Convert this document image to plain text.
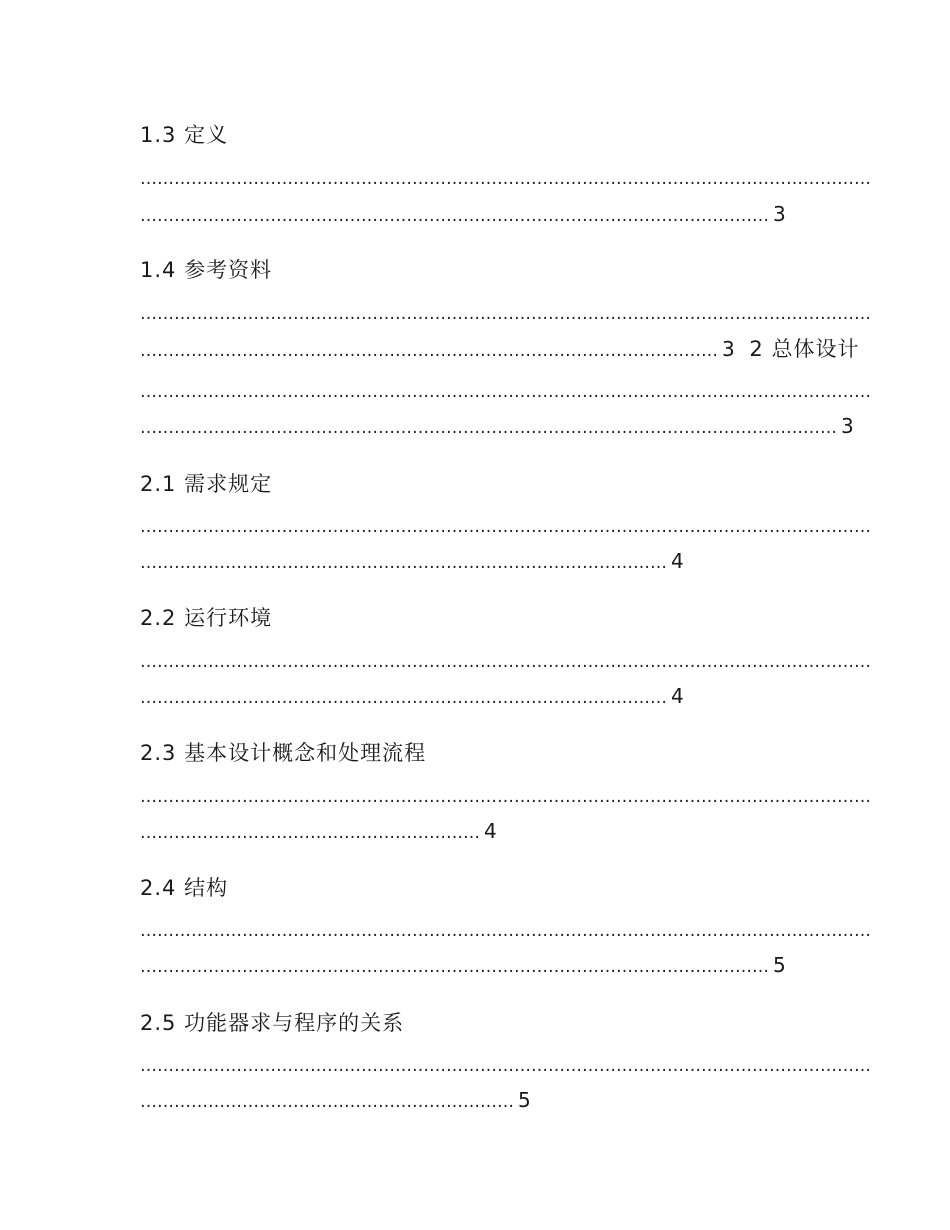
1.3 定义
…………………………………………………………………………………………………………………
………………………………………………………………………………………………… 3
1.4 参考资料
…………………………………………………………………………………………………………………
………………………………………………………………………………………… 3 2 总体设计
…………………………………………………………………………………………………………………
…………………………………………………………………………………………………………… 3
2.1 需求规定
…………………………………………………………………………………………………………………
………………………………………………………………………………… 4
2.2 运行环境
…………………………………………………………………………………………………………………
………………………………………………………………………………… 4
2.3 基本设计概念和处理流程
…………………………………………………………………………………………………………………
…………………………………………………… 4
2.4 结构
…………………………………………………………………………………………………………………
………………………………………………………………………………………………… 5
2.5 功能器求与程序的关系
…………………………………………………………………………………………………………………
………………………………………………………… 5
